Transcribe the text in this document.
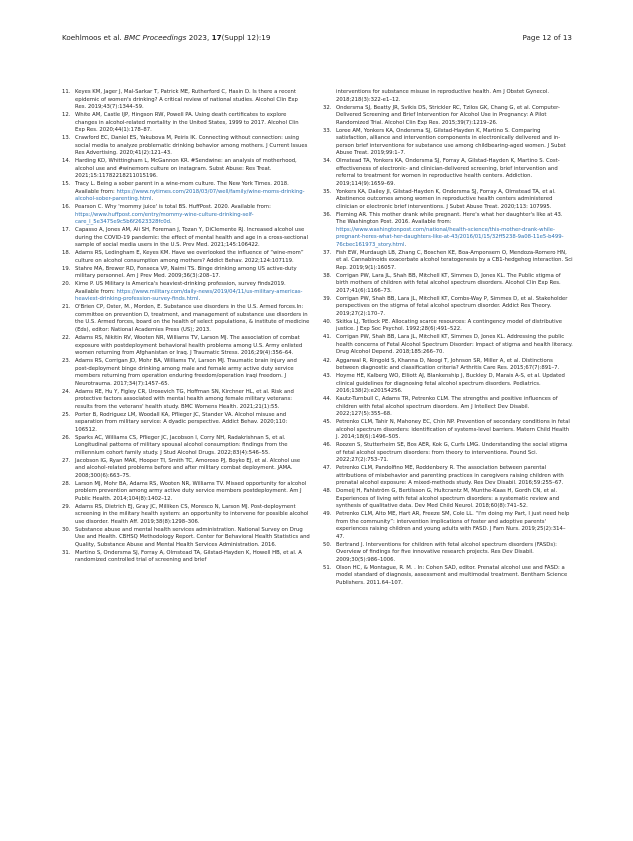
Koehlmoos et al. BMC Proceedings 2023, 17(Suppl 12):19	Page 12 of 13
11. Keyes KM, Jager J, Mal-Sarkar T, Patrick ME, Rutherford C, Hasin D. Is there a recent epidemic of women's drinking? A critical review of national studies. Alcohol Clin Exp Res. 2019;43(7):1344–59.
12. White AM, Castle IJP, Hingson RW, Powell PA. Using death certificates to explore changes in alcohol-related mortality in the United States, 1999 to 2017. Alcohol Clin Exp Res. 2020;44(1):178–87.
13. Crawford EC, Daniel ES, Yakubova M, Peiris IK. Connecting without connection: using social media to analyze problematic drinking behavior among mothers. J Current Issues Res Advertising. 2020;41(2):121–43.
14. Harding KD, Whittingham L, McGannon KR. #Sendwine: an analysis of motherhood, alcohol use and #winemom culture on instagram. Subst Abuse: Res Treat. 2021;15:11782218211015196.
15. Tracy L. Being a sober parent in a wine-mom culture. The New York Times. 2018. Available from: https://www.nytimes.com/2018/03/07/well/family/wine-moms-drinking-alcohol-sober-parenting.html.
16. Pearson C. Why 'mommy juice' is total BS. HuffPost. 2020. Available from: https://www.huffpost.com/entry/mommy-wine-culture-drinking-self-care_l_5e3475e9c5b6f2623328fc0d.
17. Capasso A, Jones AM, Ali SH, Foreman J, Tozan Y, DiClemente RJ. Increased alcohol use during the COVID-19 pandemic: the effect of mental health and age in a cross-sectional sample of social media users in the U.S. Prev Med. 2021;145:106422.
18. Adams RS, Ledingham E, Keyes KM. Have we overlooked the influence of “wine-mom” culture on alcohol consumption among mothers? Addict Behav. 2022;124:107119.
19. Stahre MA, Brewer RD, Fonseca VP, Naimi TS. Binge drinking among US active-duty military personnel. Am J Prev Med. 2009;36(3):208–17.
20. Kime P. US Military is America's heaviest-drinking profession, survey finds2019. Available from: https://www.military.com/daily-news/2019/04/11/us-military-americas-heaviest-drinking-profession-survey-finds.html.
21. O'Brien CP, Oster, M., Morden, E. Substance use disorders in the U.S. Armed forces.In: committee on prevention D, treatment, and management of substance use disorders in the U.S. Armed forces, board on the health of select populations, & institute of medicine (Eds), editor: National Academies Press (US); 2013.
22. Adams RS, Nikitin RV, Wooten NR, Williams TV, Larson MJ. The association of combat exposure with postdeployment behavioral health problems among U.S. Army enlisted women returning from Afghanistan or Iraq. J Traumatic Stress. 2016;29(4):356–64.
23. Adams RS, Corrigan JD, Mohr BA, Williams TV, Larson MJ. Traumatic brain injury and post-deployment binge drinking among male and female army active duty service members returning from operation enduring freedom/operation iraqi freedom. J Neurotrauma. 2017;34(7):1457–65.
24. Adams RE, Hu Y, Figley CR, Urosevich TG, Hoffman SN, Kirchner HL, et al. Risk and protective factors associated with mental health among female military veterans: results from the veterans' health study. BMC Womens Health. 2021;21(1):55.
25. Porter B, Rodriguez LM, Woodall KA, Pflieger JC, Stander VA. Alcohol misuse and separation from military service: A dyadic perspective. Addict Behav. 2020;110: 106512.
26. Sparks AC, Williams CS, Pflieger JC, Jacobson I, Corry NH, Radakrishnan S, et al. Longitudinal patterns of military spousal alcohol consumption: findings from the millennium cohort family study. J Stud Alcohol Drugs. 2022;83(4):546–55.
27. Jacobson IG, Ryan MAK, Hooper TI, Smith TC, Amoroso PJ, Boyko EJ, et al. Alcohol use and alcohol-related problems before and after military combat deployment. JAMA. 2008;300(6):663–75.
28. Larson MJ, Mohr BA, Adams RS, Wooten NR, Williams TV. Missed opportunity for alcohol problem prevention among army active duty service members postdeployment. Am J Public Health. 2014;104(8):1402–12.
29. Adams RS, Dietrich EJ, Gray JC, Milliken CS, Moresco N, Larson MJ. Post-deployment screening in the military health system: an opportunity to intervene for possible alcohol use disorder. Health Aff. 2019;38(8):1298–306.
30. Substance abuse and mental health services administration. National Survey on Drug Use and Health. CBHSQ Methodology Report. Center for Behavioral Health Statistics and Quality, Substance Abuse and Mental Health Services Administration. 2016.
31. Martino S, Ondersma SJ, Forray A, Olmstead TA, Gilstad-Hayden K, Howell HB, et al. A randomized controlled trial of screening and brief
interventions for substance misuse in reproductive health. Am J Obstet Gynecol. 2018;218(3):322-e1–12.
32. Ondersma SJ, Beatty JR, Svikis DS, Strickler RC, Tzilos GK, Chang G, et al. Computer-Delivered Screening and Brief Intervention for Alcohol Use in Pregnancy: A Pilot Randomized Trial. Alcohol Clin Exp Res. 2015;39(7):1219–26.
33. Loree AM, Yonkers KA, Ondersma SJ, Gilstad-Hayden K, Martino S. Comparing satisfaction, alliance and intervention components in electronically delivered and in-person brief interventions for substance use among childbearing-aged women. J Subst Abuse Treat. 2019;99:1–7.
34. Olmstead TA, Yonkers KA, Ondersma SJ, Forray A, Gilstad-Hayden K, Martino S. Cost-effectiveness of electronic- and clinician-delivered screening, brief intervention and referral to treatment for women in reproductive health centers. Addiction. 2019;114(9):1659–69.
35. Yonkers KA, Dailey JI, Gilstad-Hayden K, Ondersma SJ, Forray A, Olmstead TA, et al. Abstinence outcomes among women in reproductive health centers administered clinician or electronic brief interventions. J Subst Abuse Treat. 2020;113: 107995.
36. Fleming AR. This mother drank while pregnant. Here's what her daughter's like at 43. The Washington Post. 2016. Available from: https://www.washingtonpost.com/national/health-science/this-mother-drank-while-pregnant-heres-what-her-daughters-like-at-43/2016/01/15/32ff5238-9a08-11e5-b499-76cbec161973_story.html.
37. Fish EW, Murdaugh LB, Zhang C, Boschen KE, Boa-Amponsem O, Mendoza-Romero HN, et al. Cannabinoids exacerbate alcohol teratogenesis by a CB1-hedgehog interaction. Sci Rep. 2019;9(1):16057.
38. Corrigan PW, Lara JL, Shah BB, Mitchell KT, Simmes D, Jones KL. The Public stigma of birth mothers of children with fetal alcohol spectrum disorders. Alcohol Clin Exp Res. 2017;41(6):1166–73.
39. Corrigan PW, Shah BB, Lara JL, Mitchell KT, Combs-Way P, Simmes D, et al. Stakeholder perspectives on the stigma of fetal alcohol spectrum disorder. Addict Res Theory. 2019;27(2):170–7.
40. Skitka LJ, Tetlock PE. Allocating scarce resources: A contingency model of distributive justice. J Exp Soc Psychol. 1992;28(6):491–522.
41. Corrigan PW, Shah BB, Lara JL, Mitchell KT, Simmes D, Jones KL. Addressing the public health concerns of Fetal Alcohol Spectrum Disorder: Impact of stigma and health literacy. Drug Alcohol Depend. 2018;185:266–70.
42. Aggarwal R, Ringold S, Khanna D, Neogi T, Johnson SR, Miller A, et al. Distinctions between diagnostic and classification criteria? Arthritis Care Res. 2015;67(7):891–7.
43. Hoyme HE, Kalberg WO, Elliott AJ, Blankenship J, Buckley D, Marais A-S, et al. Updated clinical guidelines for diagnosing fetal alcohol spectrum disorders. Pediatrics. 2016;138(2):e20154256.
44. Kautz-Turnbull C, Adams TR, Petrenko CLM. The strengths and positive influences of children with fetal alcohol spectrum disorders. Am J Intellect Dev Disabil. 2022;127(5):355–68.
45. Petrenko CLM, Tahir N, Mahoney EC, Chin NP. Prevention of secondary conditions in fetal alcohol spectrum disorders: identification of systems-level barriers. Matern Child Health J. 2014;18(6):1496–505.
46. Roozen S, Stutterheim SE, Bos AER, Kok G, Curfs LMG. Understanding the social stigma of fetal alcohol spectrum disorders: from theory to interventions. Found Sci. 2022;27(2):753–71.
47. Petrenko CLM, Pandolfino ME, Roddenbery R. The association between parental attributions of misbehavior and parenting practices in caregivers raising children with prenatal alcohol exposure: A mixed-methods study. Res Dev Disabil. 2016;59:255–67.
48. Domeij H, Fahlström G, Bertilsson G, Hultcrantz M, Munthe-Kaas H, Gordh CN, et al. Experiences of living with fetal alcohol spectrum disorders: a systematic review and synthesis of qualitative data. Dev Med Child Neurol. 2018;60(8):741–52.
49. Petrenko CLM, Alto ME, Hart AR, Freeze SM, Cole LL. “I'm doing my Part, I just need help from the community”: intervention implications of foster and adoptive parents' experiences raising children and young adults with FASD. J Fam Nurs. 2019;25(2):314–47.
50. Bertrand J. Interventions for children with fetal alcohol spectrum disorders (FASDs): Overview of findings for five innovative research projects. Res Dev Disabil. 2009;30(5):986–1006.
51. Olson HC, & Montague, R. M. . In: Cohen SAD, editor. Prenatal alcohol use and FASD: a model standard of diagnosis, assessment and multimodal treatment. Bentham Science Publishers. 2011.64–107.
